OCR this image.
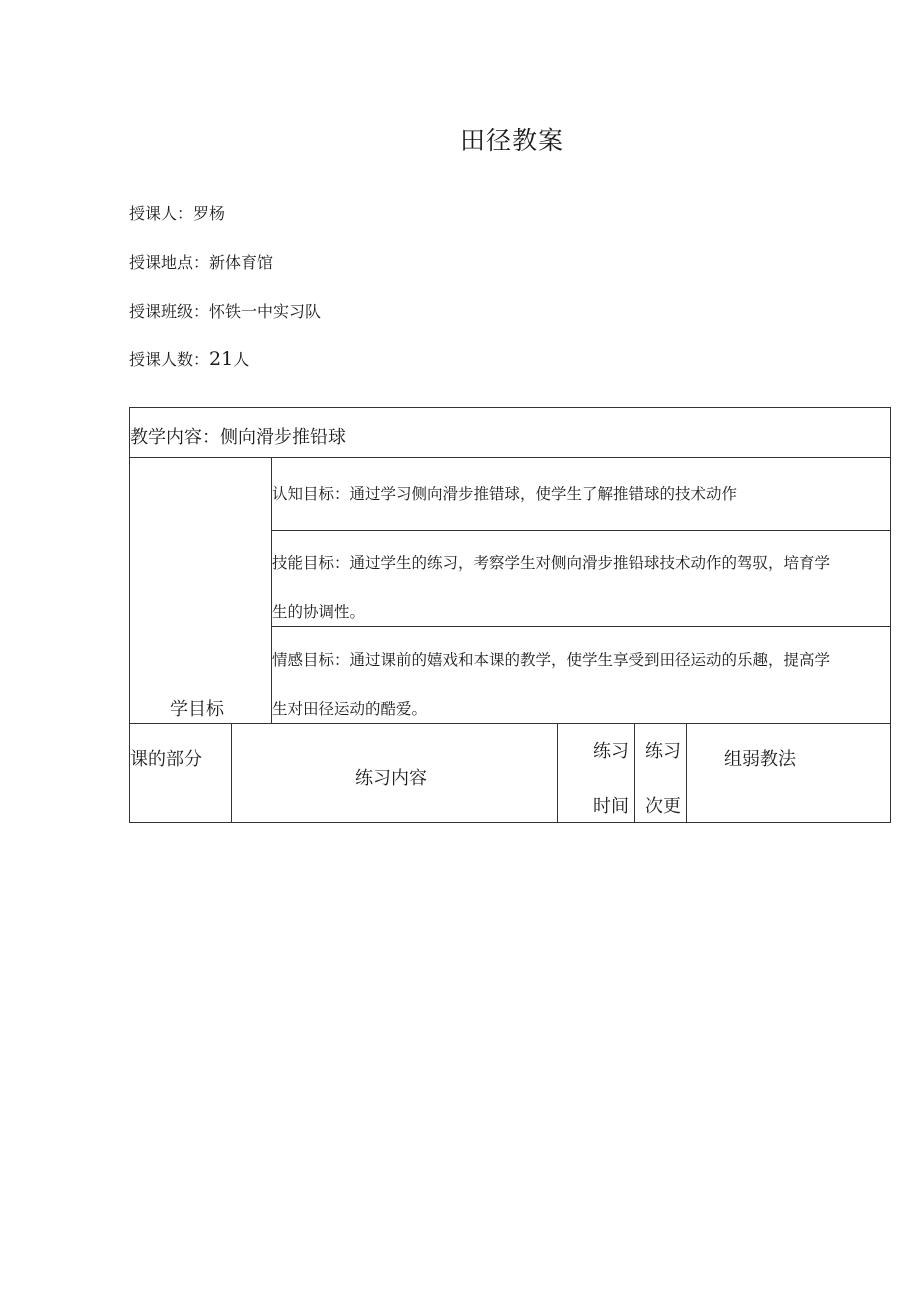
田径教案
授课人：罗杨
授课地点：新体育馆
授课班级：怀铁一中实习队
授课人数：21人
教学内容：侧向滑步推铅球
学目标
认知目标：通过学习侧向滑步推错球，使学生了解推错球的技术动作
技能目标：通过学生的练习，考察学生对侧向滑步推铅球技术动作的驾驭，培育学
生的协调性。
情感目标：通过课前的嬉戏和本课的教学，使学生享受到田径运动的乐趣，提高学
生对田径运动的酷爱。
课的部分
练习内容
练习
时间
练习
次更
组弱教法
